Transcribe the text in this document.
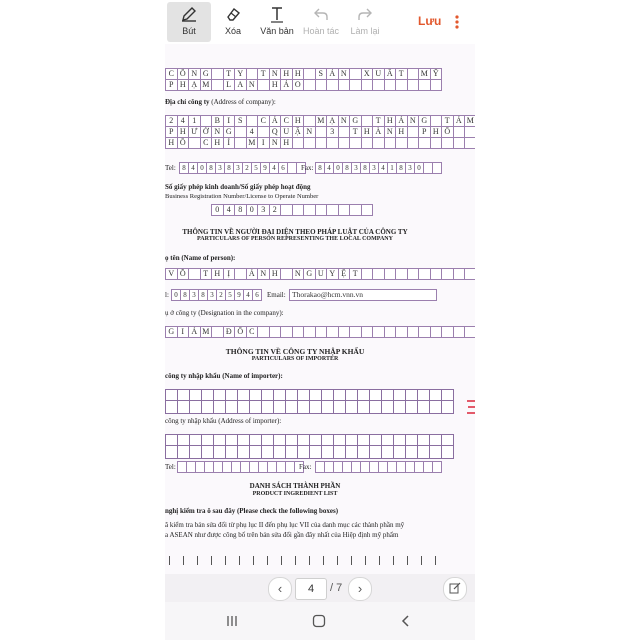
Bút	Xóa	Văn bản	Hoàn tác	Làm lại
Lưu
C Ô N G	T Y	T N H H	S Ả N	X U Ấ T	M Ỹ
P H Ạ M	L A N	H Ả O
Địa chỉ công ty (Address of company):
2 4 1	B I S	C Á C H	M Ạ N G	T H Á N G	T Á M
P H Ư Ờ N G	4	Q U Ậ N	3	T H À N H	P H Ố
H Ồ	C H Í	M I N H
Tel: 8 4 0 8 3 8 3 2 5 9 4 6	Fax: 8 4 0 8 3 8 3 4 1 8 3 0
Số giấy phép kinh doanh/Số giấy phép hoạt động
Business Registration Number/License to Operate Number
0 4 8 0 3 2
THÔNG TIN VỀ NGƯỜI ĐẠI DIỆN THEO PHÁP LUẬT CỦA CÔNG TY
PARTICULARS OF PERSON REPRESENTING THE LOCAL COMPANY
ọ tên (Name of person):
V Õ	T H Ị	Á N H	N G U Y Ệ T
l: 0 8 3 8 3 2 5 9 4 6	Email: Thorakao@hcm.vnn.vn
ụ ở công ty (Designation in the company):
G I Á M	Đ Ố C
THÔNG TIN VỀ CÔNG TY NHẬP KHẨU
PARTICULARS OF IMPORTER
công ty nhập khẩu (Name of importer):
công ty nhập khẩu (Address of importer):
Tel:	Fax:
DANH SÁCH THÀNH PHẦN
PRODUCT INGREDIENT LIST
nghị kiểm tra ô sau đây (Please check the following boxes)
ã kiểm tra bản sửa đổi từ phụ lục II đến phụ lục VII của danh mục các thành phần mỹ
a ASEAN như được công bố trên bản sửa đổi gần đây nhất của Hiệp định mỹ phẩm
‹	4	/ 7	›
